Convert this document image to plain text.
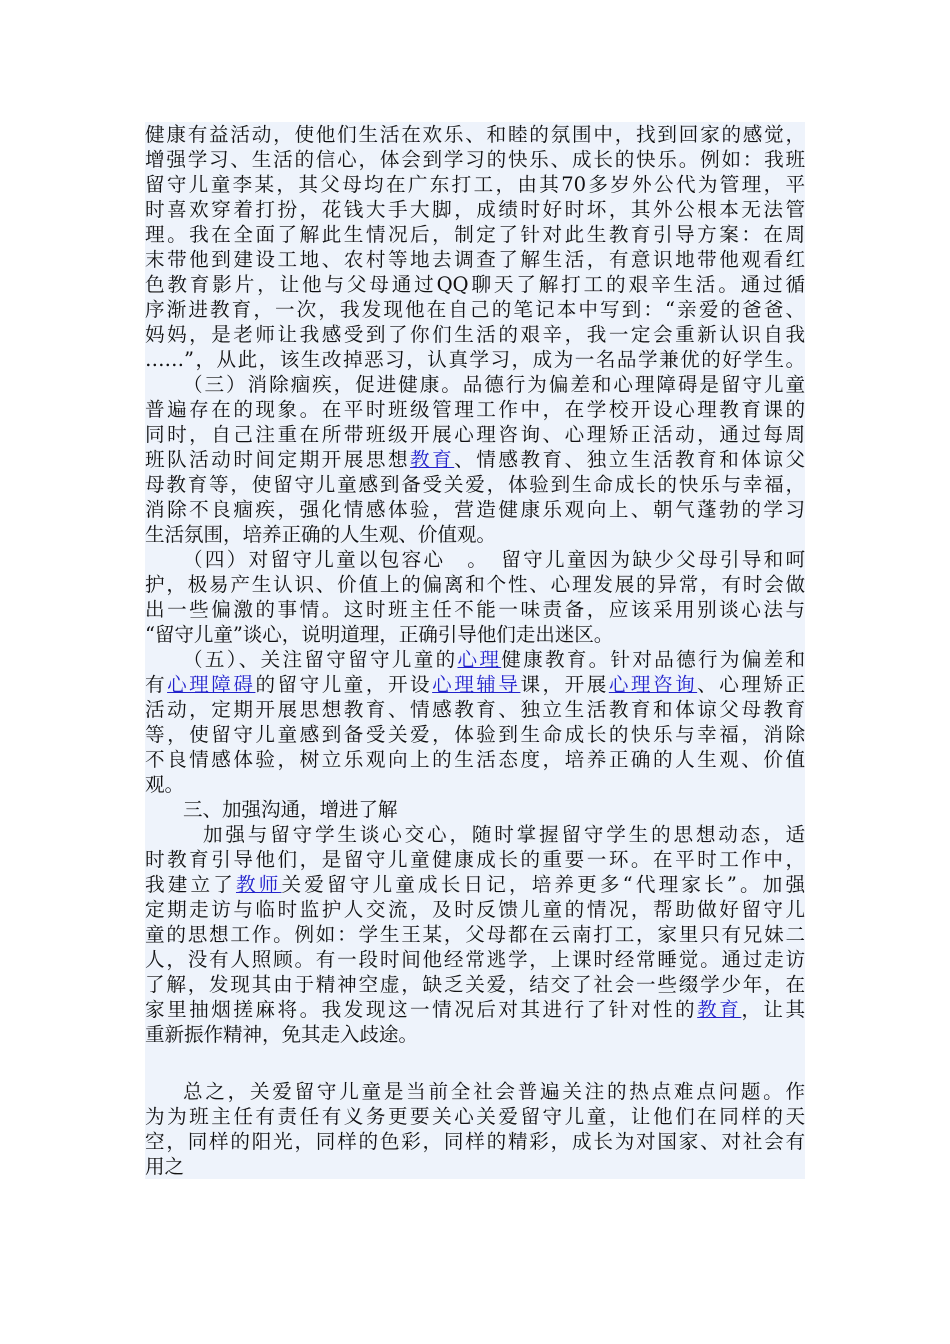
健康有益活动，使他们生活在欢乐、和睦的氛围中，找到回家的感觉，
增强学习、生活的信心，体会到学习的快乐、成长的快乐。例如：我班
留守儿童李某，其父母均在广东打工，由其70多岁外公代为管理，平
时喜欢穿着打扮，花钱大手大脚，成绩时好时坏，其外公根本无法管
理。我在全面了解此生情况后，制定了针对此生教育引导方案：在周
末带他到建设工地、农村等地去调查了解生活，有意识地带他观看红
色教育影片，让他与父母通过QQ聊天了解打工的艰辛生活。通过循
序渐进教育，一次，我发现他在自己的笔记本中写到：“亲爱的爸爸、
妈妈，是老师让我感受到了你们生活的艰辛，我一定会重新认识自我
……”，从此，该生改掉恶习，认真学习，成为一名品学兼优的好学生。
（三）消除痼疾，促进健康。品德行为偏差和心理障碍是留守儿童
普遍存在的现象。在平时班级管理工作中，在学校开设心理教育课的
同时，自己注重在所带班级开展心理咨询、心理矫正活动，通过每周
班队活动时间定期开展思想教育、情感教育、独立生活教育和体谅父
母教育等，使留守儿童感到备受关爱，体验到生命成长的快乐与幸福，
消除不良痼疾，强化情感体验，营造健康乐观向上、朝气蓬勃的学习
生活氛围，培养正确的人生观、价值观。
（四）对留守儿童以包容心　。　留守儿童因为缺少父母引导和呵
护，极易产生认识、价值上的偏离和个性、心理发展的异常，有时会做
出一些偏激的事情。这时班主任不能一味责备，应该采用别谈心法与
“留守儿童”谈心，说明道理，正确引导他们走出迷区。
（五）、关注留守留守儿童的心理健康教育。针对品德行为偏差和
有心理障碍的留守儿童，开设心理辅导课，开展心理咨询、心理矫正
活动，定期开展思想教育、情感教育、独立生活教育和体谅父母教育
等，使留守儿童感到备受关爱，体验到生命成长的快乐与幸福，消除
不良情感体验，树立乐观向上的生活态度，培养正确的人生观、价值
观。
三、加强沟通，增进了解
加强与留守学生谈心交心，随时掌握留守学生的思想动态，适
时教育引导他们，是留守儿童健康成长的重要一环。在平时工作中，
我建立了教师关爱留守儿童成长日记，培养更多“代理家长”。加强
定期走访与临时监护人交流，及时反馈儿童的情况，帮助做好留守儿
童的思想工作。例如：学生王某，父母都在云南打工，家里只有兄妹二
人，没有人照顾。有一段时间他经常逃学，上课时经常睡觉。通过走访
了解，发现其由于精神空虚，缺乏关爱，结交了社会一些缀学少年，在
家里抽烟搓麻将。我发现这一情况后对其进行了针对性的教育，让其
重新振作精神，免其走入歧途。
总之，关爱留守儿童是当前全社会普遍关注的热点难点问题。作
为为班主任有责任有义务更要关心关爱留守儿童，让他们在同样的天
空，同样的阳光，同样的色彩，同样的精彩，成长为对国家、对社会有
用之
